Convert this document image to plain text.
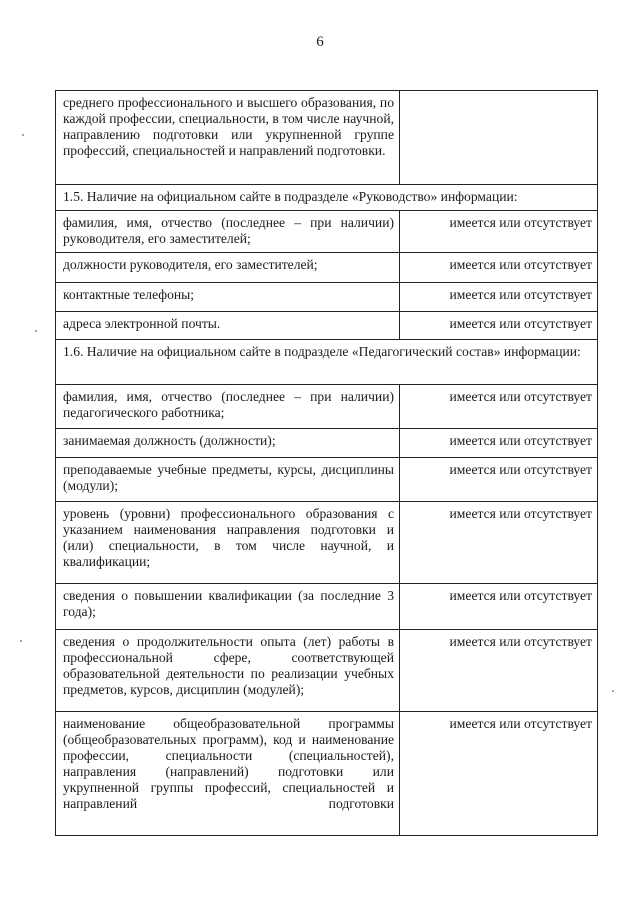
6
среднего профессионального и высшего образования, по каждой профессии, специальности, в том числе научной, направлению подготовки или укрупненной группе профессий, специальностей и направлений подготовки.	
1.5. Наличие на официальном сайте в подразделе «Руководство» информации:	
фамилия, имя, отчество (последнее – при наличии) руководителя, его заместителей;	имеется или отсутствует
должности руководителя, его заместителей;	имеется или отсутствует
контактные телефоны;	имеется или отсутствует
адреса электронной почты.	имеется или отсутствует
1.6. Наличие на официальном сайте в подразделе «Педагогический состав» информации:	
фамилия, имя, отчество (последнее – при наличии) педагогического работника;	имеется или отсутствует
занимаемая должность (должности);	имеется или отсутствует
преподаваемые учебные предметы, курсы, дисциплины (модули);	имеется или отсутствует
уровень (уровни) профессионального образования с указанием наименования направления подготовки и (или) специальности, в том числе научной, и квалификации;	имеется или отсутствует
сведения о повышении квалификации (за последние 3 года);	имеется или отсутствует
сведения о продолжительности опыта (лет) работы в профессиональной сфере, соответствующей образовательной деятельности по реализации учебных предметов, курсов, дисциплин (модулей);	имеется или отсутствует
наименование общеобразовательной программы (общеобразовательных программ), код и наименование профессии, специальности (специальностей), направления (направлений) подготовки или укрупненной группы профессий, специальностей и направлений подготовки	имеется или отсутствует
